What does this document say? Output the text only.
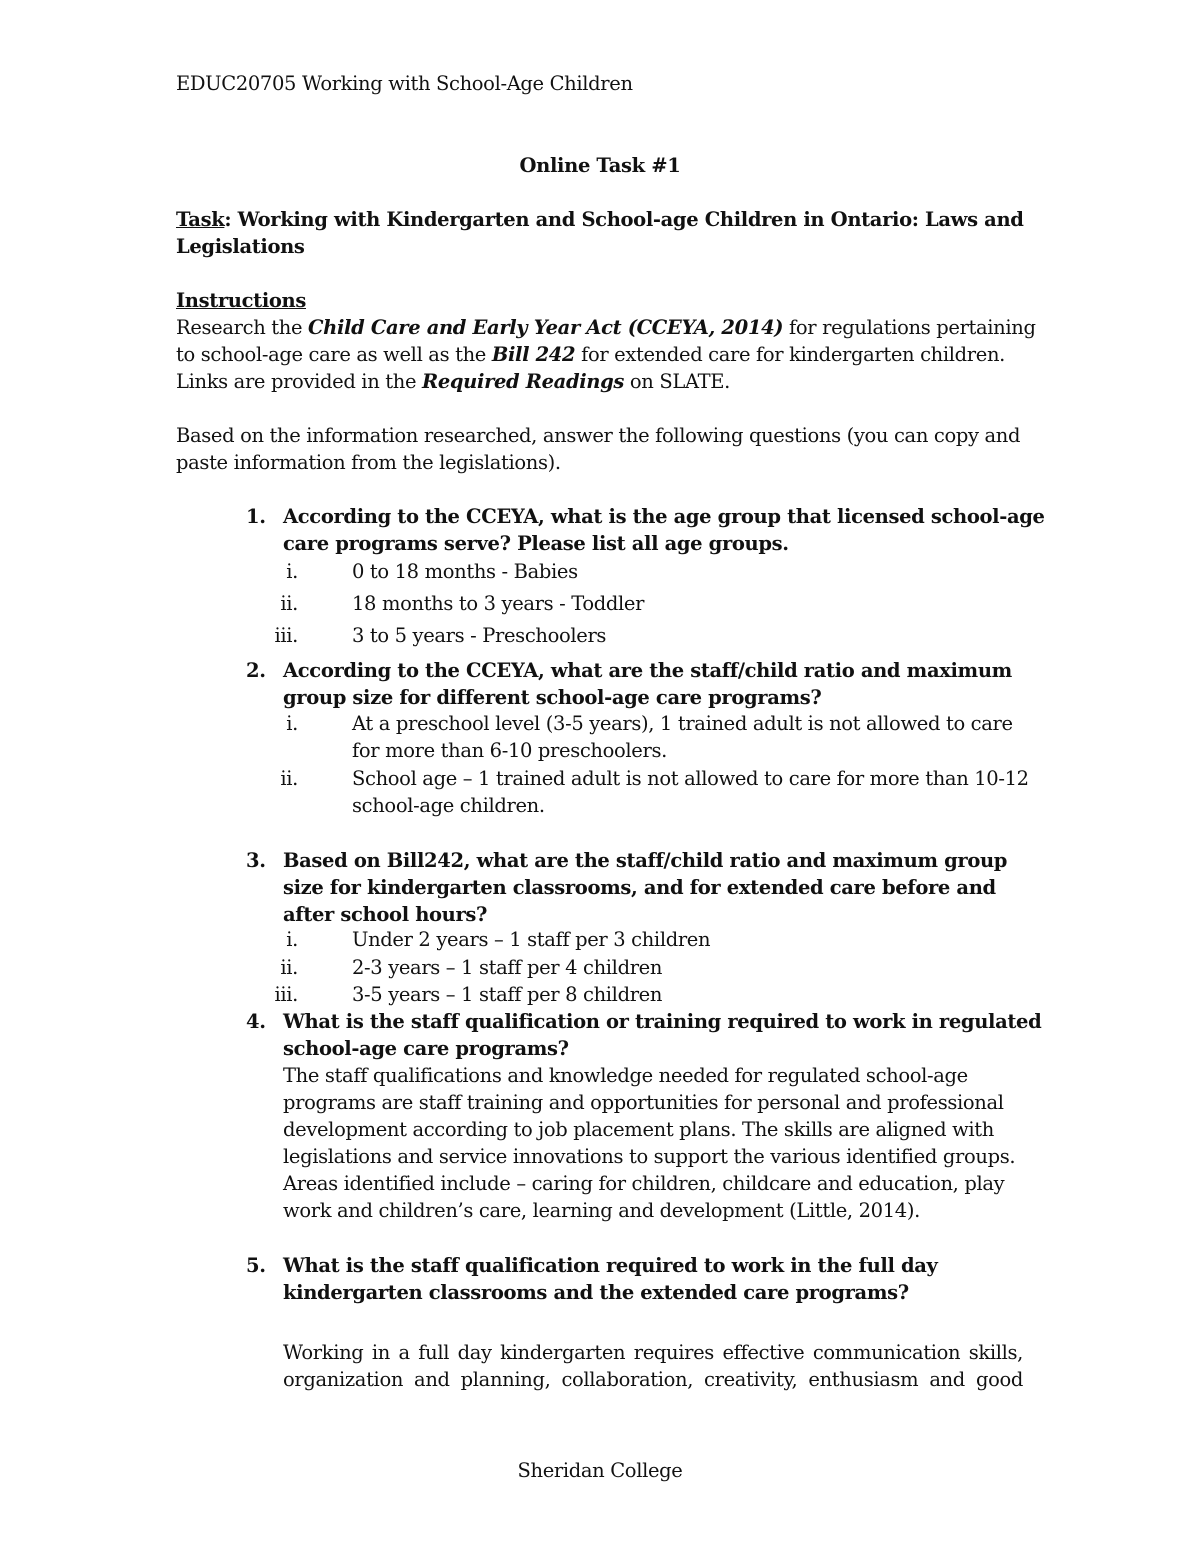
EDUC20705 Working with School-Age Children
Online Task #1
Task: Working with Kindergarten and School-age Children in Ontario: Laws and Legislations
Instructions
Research the Child Care and Early Year Act (CCEYA, 2014) for regulations pertaining to school-age care as well as the Bill 242 for extended care for kindergarten children. Links are provided in the Required Readings on SLATE.
Based on the information researched, answer the following questions (you can copy and paste information from the legislations).
1. According to the CCEYA, what is the age group that licensed school-age care programs serve? Please list all age groups.
i.	0 to 18 months - Babies
ii.	18 months to 3 years - Toddler
iii.	3 to 5 years - Preschoolers
2. According to the CCEYA, what are the staff/child ratio and maximum group size for different school-age care programs?
i.	At a preschool level (3-5 years), 1 trained adult is not allowed to care for more than 6-10 preschoolers.
ii.	School age – 1 trained adult is not allowed to care for more than 10-12 school-age children.
3. Based on Bill242, what are the staff/child ratio and maximum group size for kindergarten classrooms, and for extended care before and after school hours?
i.	Under 2 years – 1 staff per 3 children
ii.	2-3 years – 1 staff per 4 children
iii.	3-5 years – 1 staff per 8 children
4. What is the staff qualification or training required to work in regulated school-age care programs?
The staff qualifications and knowledge needed for regulated school-age programs are staff training and opportunities for personal and professional development according to job placement plans. The skills are aligned with legislations and service innovations to support the various identified groups. Areas identified include – caring for children, childcare and education, play work and children’s care, learning and development (Little, 2014).
5. What is the staff qualification required to work in the full day kindergarten classrooms and the extended care programs?
Working in a full day kindergarten requires effective communication skills,
organization and planning, collaboration, creativity, enthusiasm and good
Sheridan College
